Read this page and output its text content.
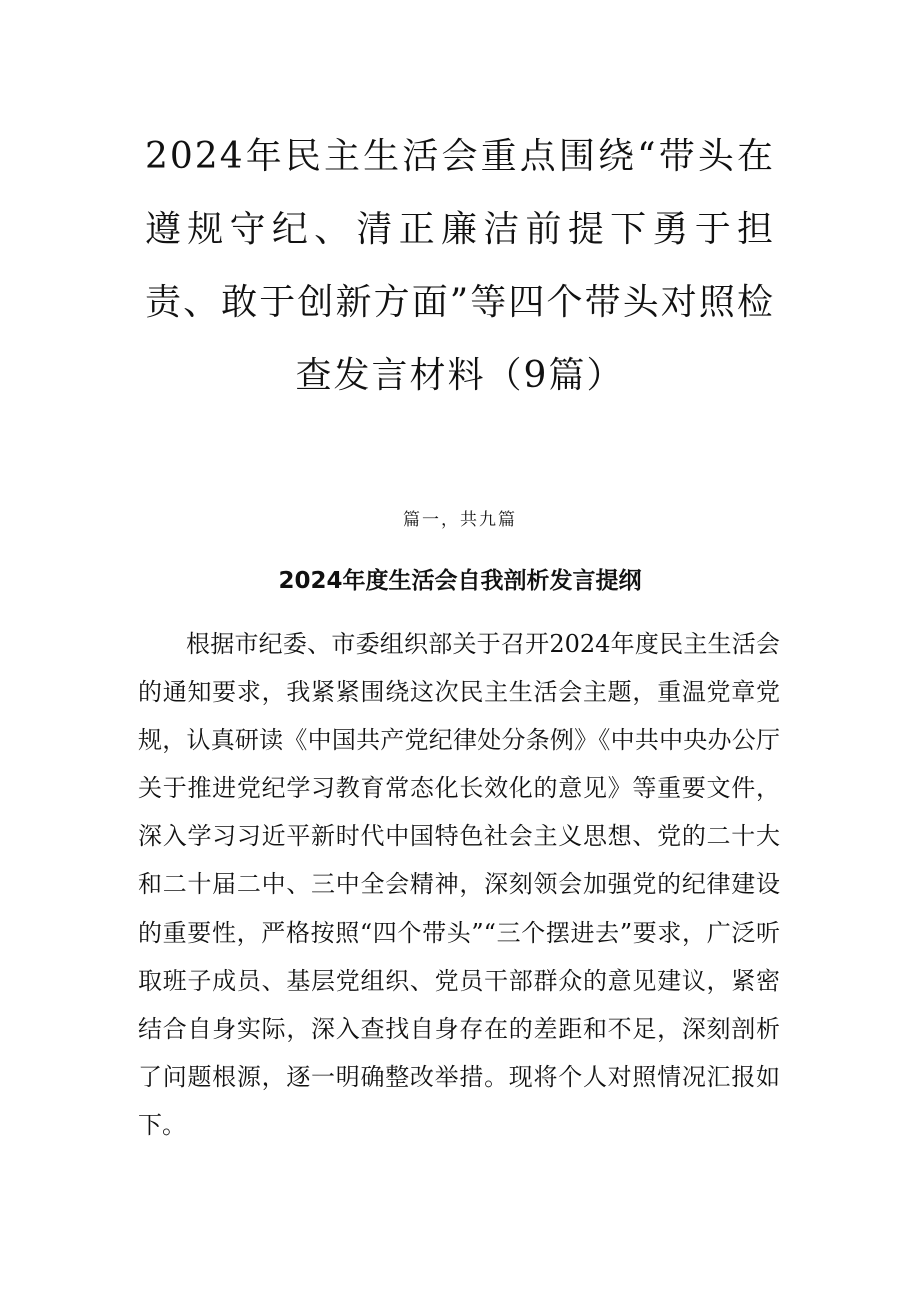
2024年民主生活会重点围绕“带头在遵规守纪、清正廉洁前提下勇于担责、敢于创新方面”等四个带头对照检查发言材料（9篇）

篇一，共九篇

2024年度生活会自我剖析发言提纲

根据市纪委、市委组织部关于召开2024年度民主生活会的通知要求，我紧紧围绕这次民主生活会主题，重温党章党规，认真研读《中国共产党纪律处分条例》《中共中央办公厅关于推进党纪学习教育常态化长效化的意见》等重要文件，深入学习习近平新时代中国特色社会主义思想、党的二十大和二十届二中、三中全会精神，深刻领会加强党的纪律建设的重要性，严格按照“四个带头”“三个摆进去”要求，广泛听取班子成员、基层党组织、党员干部群众的意见建议，紧密结合自身实际，深入查找自身存在的差距和不足，深刻剖析了问题根源，逐一明确整改举措。现将个人对照情况汇报如下。
